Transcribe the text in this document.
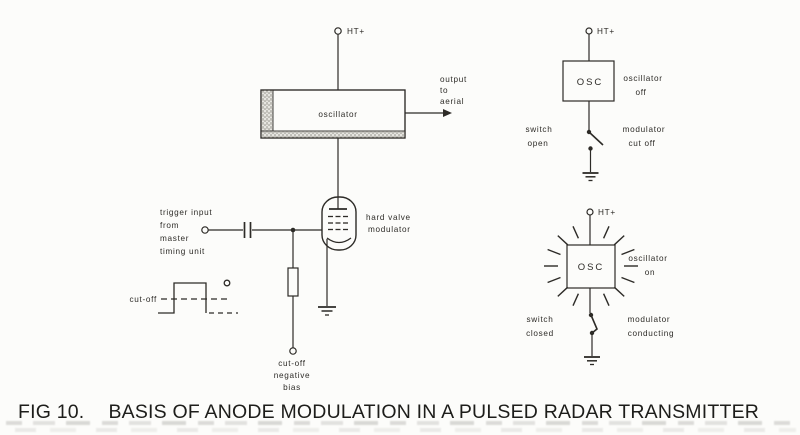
HT+
oscillator
output
to
aerial
hard valve
modulator
trigger input
from
master
timing unit
cut-off
negative
bias
cut-off
HT+
OSC oscillator
off
switch
open
modulator
cut off
HT+
OSC
oscillator
on
switch
closed
modulator
conducting
FIG 10. BASIS OF ANODE MODULATION IN A PULSED RADAR TRANSMITTER
